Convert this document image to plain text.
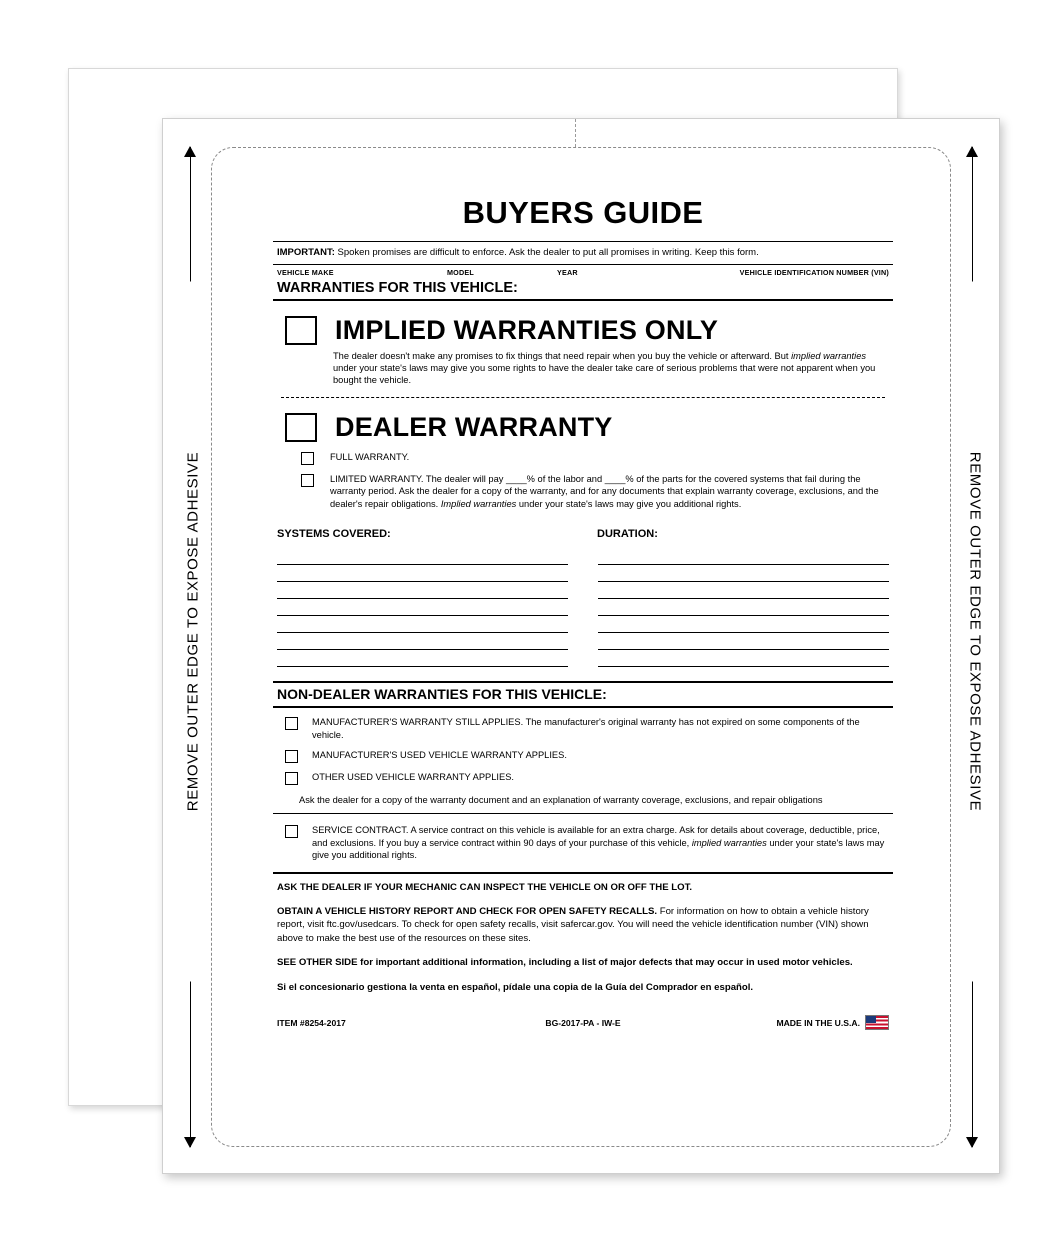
REMOVE OUTER EDGE TO EXPOSE ADHESIVE	REMOVE OUTER EDGE TO EXPOSE ADHESIVE
BUYERS GUIDE
IMPORTANT: Spoken promises are difficult to enforce. Ask the dealer to put all promises in writing. Keep this form.
VEHICLE MAKE	MODEL	YEAR	VEHICLE IDENTIFICATION NUMBER (VIN)
WARRANTIES FOR THIS VEHICLE:
IMPLIED WARRANTIES ONLY
The dealer doesn't make any promises to fix things that need repair when you buy the vehicle or afterward. But implied warranties under your state's laws may give you some rights to have the dealer take care of serious problems that were not apparent when you bought the vehicle.
DEALER WARRANTY
FULL WARRANTY.
LIMITED WARRANTY. The dealer will pay ____% of the labor and ____% of the parts for the covered systems that fail during the warranty period. Ask the dealer for a copy of the warranty, and for any documents that explain warranty coverage, exclusions, and the dealer's repair obligations. Implied warranties under your state's laws may give you additional rights.
SYSTEMS COVERED:	DURATION:
NON-DEALER WARRANTIES FOR THIS VEHICLE:
MANUFACTURER'S WARRANTY STILL APPLIES. The manufacturer's original warranty has not expired on some components of the vehicle.
MANUFACTURER'S USED VEHICLE WARRANTY APPLIES.
OTHER USED VEHICLE WARRANTY APPLIES.
Ask the dealer for a copy of the warranty document and an explanation of warranty coverage, exclusions, and repair obligations
SERVICE CONTRACT. A service contract on this vehicle is available for an extra charge. Ask for details about coverage, deductible, price, and exclusions. If you buy a service contract within 90 days of your purchase of this vehicle, implied warranties under your state's laws may give you additional rights.

ASK THE DEALER IF YOUR MECHANIC CAN INSPECT THE VEHICLE ON OR OFF THE LOT.

OBTAIN A VEHICLE HISTORY REPORT AND CHECK FOR OPEN SAFETY RECALLS. For information on how to obtain a vehicle history report, visit ftc.gov/usedcars. To check for open safety recalls, visit safercar.gov. You will need the vehicle identification number (VIN) shown above to make the best use of the resources on these sites.

SEE OTHER SIDE for important additional information, including a list of major defects that may occur in used motor vehicles.

Si el concesionario gestiona la venta en español, pídale una copia de la Guía del Comprador en español.

ITEM #8254-2017	BG-2017-PA - IW-E	MADE IN THE U.S.A.
